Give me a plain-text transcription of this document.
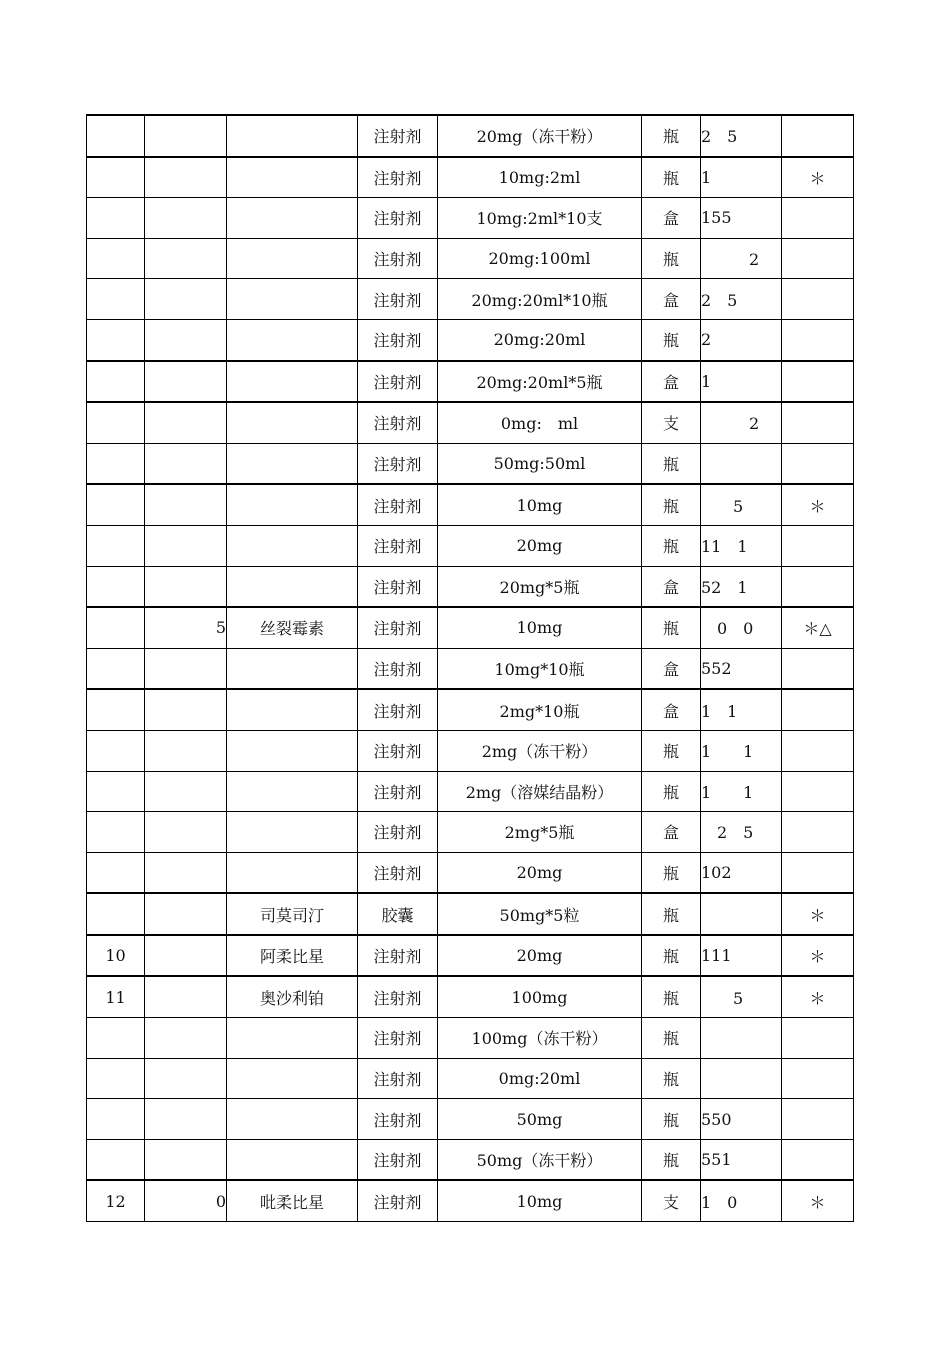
			注射剂	20mg（冻干粉）	瓶	2　5	
			注射剂	10mg:2ml	瓶	1	＊
			注射剂	10mg:2ml*10支	盒	155	
			注射剂	20mg:100ml	瓶	　　　2	
			注射剂	20mg:20ml*10瓶	盒	2　5	
			注射剂	20mg:20ml	瓶	2	
			注射剂	20mg:20ml*5瓶	盒	1	
			注射剂	0mg:　ml	支	　　　2	
			注射剂	50mg:50ml	瓶		
			注射剂	10mg	瓶	　　5	＊
			注射剂	20mg	瓶	11　1	
			注射剂	20mg*5瓶	盒	52　1	
	5	丝裂霉素	注射剂	10mg	瓶	　0　0	＊△
			注射剂	10mg*10瓶	盒	552	
			注射剂	2mg*10瓶	盒	1　1	
			注射剂	2mg（冻干粉）	瓶	1　　1	
			注射剂	2mg（溶媒结晶粉）	瓶	1　　1	
			注射剂	2mg*5瓶	盒	　2　5	
			注射剂	20mg	瓶	102	
		司莫司汀	胶囊	50mg*5粒	瓶		＊
10		阿柔比星	注射剂	20mg	瓶	111	＊
11		奥沙利铂	注射剂	100mg	瓶	　　5	＊
			注射剂	100mg（冻干粉）	瓶		
			注射剂	0mg:20ml	瓶		
			注射剂	50mg	瓶	550	
			注射剂	50mg（冻干粉）	瓶	551	
12	0	吡柔比星	注射剂	10mg	支	1　0	＊
